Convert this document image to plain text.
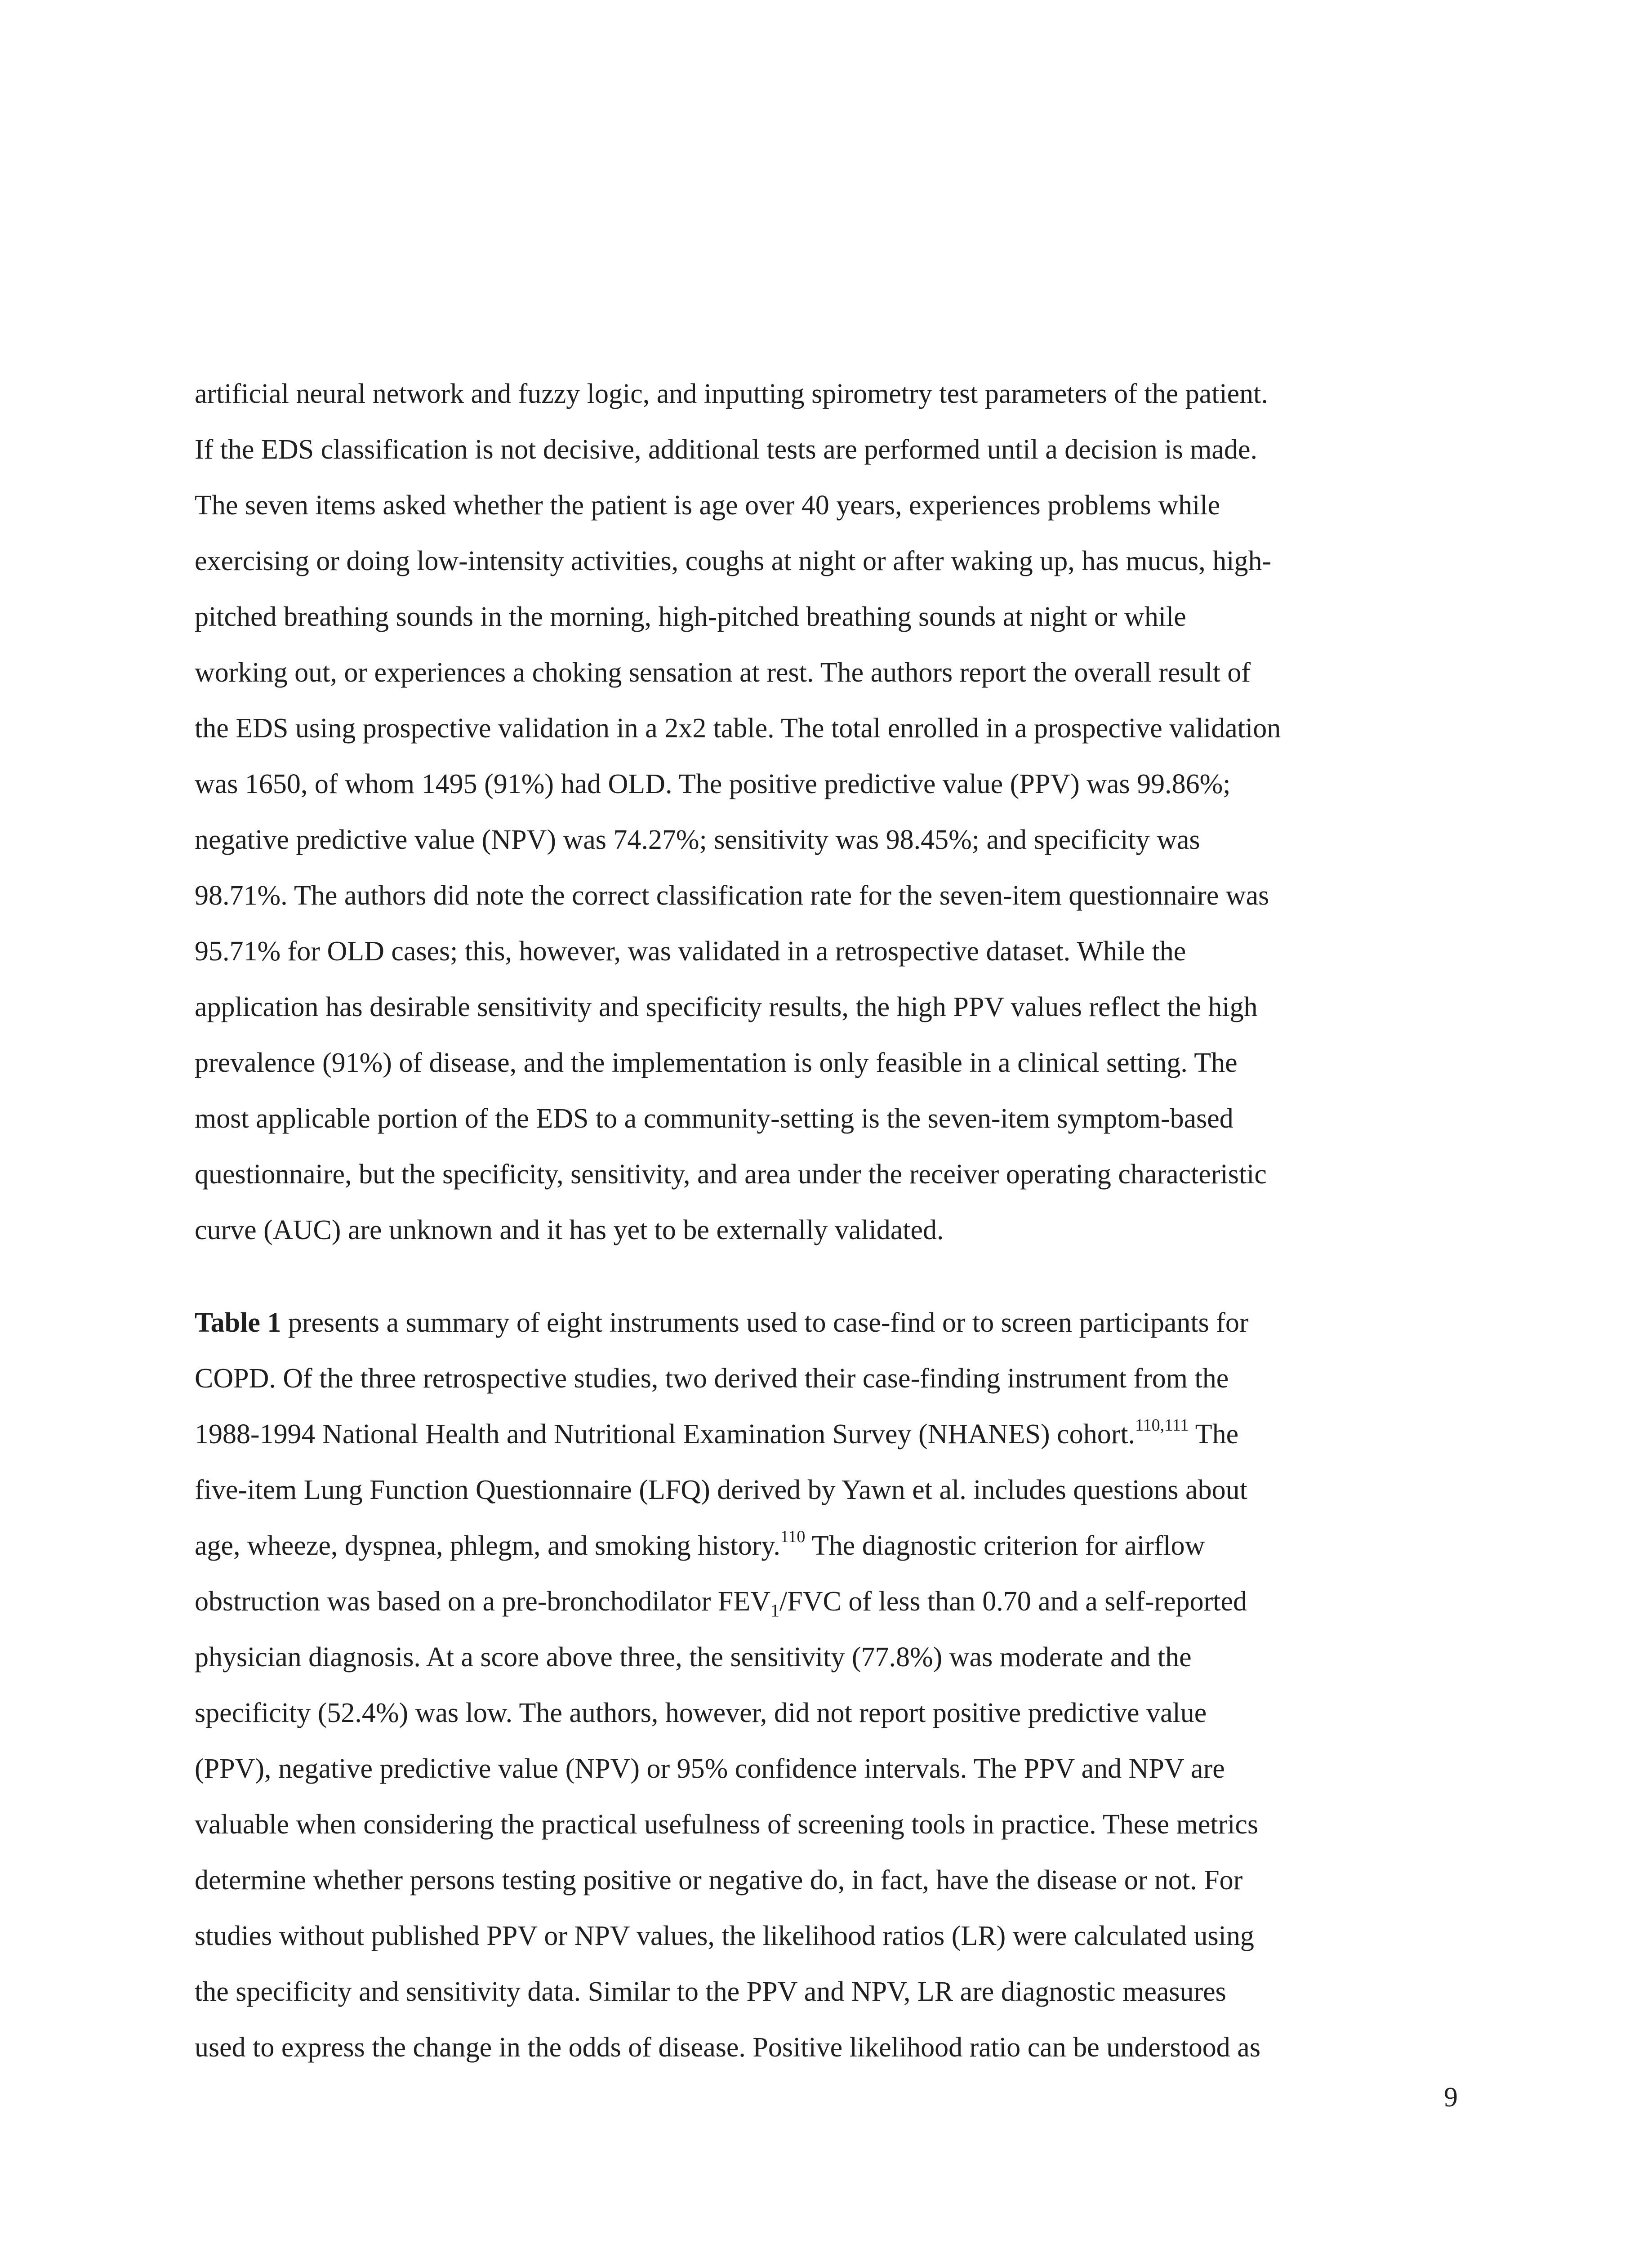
artificial neural network and fuzzy logic, and inputting spirometry test parameters of the patient.
If the EDS classification is not decisive, additional tests are performed until a decision is made.
The seven items asked whether the patient is age over 40 years, experiences problems while
exercising or doing low-intensity activities, coughs at night or after waking up, has mucus, high-
pitched breathing sounds in the morning, high-pitched breathing sounds at night or while
working out, or experiences a choking sensation at rest. The authors report the overall result of
the EDS using prospective validation in a 2x2 table. The total enrolled in a prospective validation
was 1650, of whom 1495 (91%) had OLD. The positive predictive value (PPV) was 99.86%;
negative predictive value (NPV) was 74.27%; sensitivity was 98.45%; and specificity was
98.71%. The authors did note the correct classification rate for the seven-item questionnaire was
95.71% for OLD cases; this, however, was validated in a retrospective dataset. While the
application has desirable sensitivity and specificity results, the high PPV values reflect the high
prevalence (91%) of disease, and the implementation is only feasible in a clinical setting. The
most applicable portion of the EDS to a community-setting is the seven-item symptom-based
questionnaire, but the specificity, sensitivity, and area under the receiver operating characteristic
curve (AUC) are unknown and it has yet to be externally validated.
Table 1 presents a summary of eight instruments used to case-find or to screen participants for
COPD. Of the three retrospective studies, two derived their case-finding instrument from the
1988-1994 National Health and Nutritional Examination Survey (NHANES) cohort.$^{110,111}$ The
five-item Lung Function Questionnaire (LFQ) derived by Yawn et al. includes questions about
age, wheeze, dyspnea, phlegm, and smoking history.$^{110}$ The diagnostic criterion for airflow
obstruction was based on a pre-bronchodilator $FEV_1$/FVC of less than 0.70 and a self-reported
physician diagnosis. At a score above three, the sensitivity (77.8%) was moderate and the
specificity (52.4%) was low. The authors, however, did not report positive predictive value
(PPV), negative predictive value (NPV) or 95% confidence intervals. The PPV and NPV are
valuable when considering the practical usefulness of screening tools in practice. These metrics
determine whether persons testing positive or negative do, in fact, have the disease or not. For
studies without published PPV or NPV values, the likelihood ratios (LR) were calculated using
the specificity and sensitivity data. Similar to the PPV and NPV, LR are diagnostic measures
used to express the change in the odds of disease. Positive likelihood ratio can be understood as
9
